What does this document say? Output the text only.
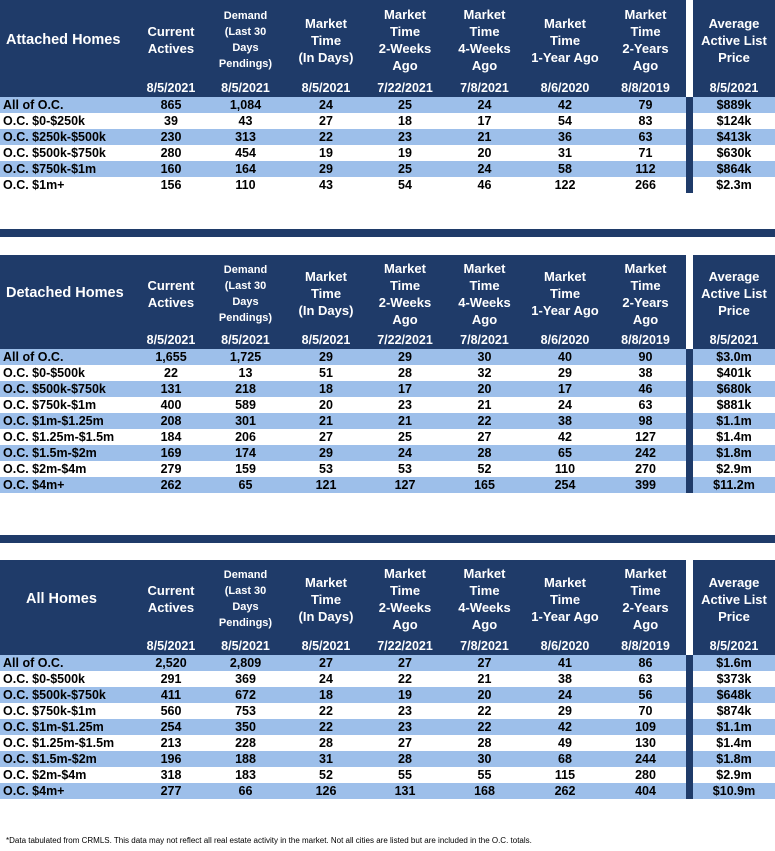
Attached Homes	Current
Actives	Demand
(Last 30
Days
Pendings)	Market
Time
(In Days)	Market
Time
2-Weeks
Ago	Market
Time
4-Weeks
Ago	Market
Time
1-Year Ago	Market
Time
2-Years
Ago		Average
Active List
Price

	8/5/2021	8/5/2021	8/5/2021	7/22/2021	7/8/2021	8/6/2020	8/8/2019		8/5/2021
All of O.C.	865	1,084	24	25	24	42	79		$889k
O.C. $0-$250k	39	43	27	18	17	54	83		$124k
O.C. $250k-$500k	230	313	22	23	21	36	63		$413k
O.C. $500k-$750k	280	454	19	19	20	31	71		$630k
O.C. $750k-$1m	160	164	29	25	24	58	112		$864k
O.C. $1m+	156	110	43	54	46	122	266		$2.3m
Detached Homes	Current
Actives	Demand
(Last 30
Days
Pendings)	Market
Time
(In Days)	Market
Time
2-Weeks
Ago	Market
Time
4-Weeks
Ago	Market
Time
1-Year Ago	Market
Time
2-Years
Ago		Average
Active List
Price

	8/5/2021	8/5/2021	8/5/2021	7/22/2021	7/8/2021	8/6/2020	8/8/2019		8/5/2021
All of O.C.	1,655	1,725	29	29	30	40	90		$3.0m
O.C. $0-$500k	22	13	51	28	32	29	38		$401k
O.C. $500k-$750k	131	218	18	17	20	17	46		$680k
O.C. $750k-$1m	400	589	20	23	21	24	63		$881k
O.C. $1m-$1.25m	208	301	21	21	22	38	98		$1.1m
O.C. $1.25m-$1.5m	184	206	27	25	27	42	127		$1.4m
O.C. $1.5m-$2m	169	174	29	24	28	65	242		$1.8m
O.C. $2m-$4m	279	159	53	53	52	110	270		$2.9m
O.C. $4m+	262	65	121	127	165	254	399		$11.2m
All Homes	Current
Actives	Demand
(Last 30
Days
Pendings)	Market
Time
(In Days)	Market
Time
2-Weeks
Ago	Market
Time
4-Weeks
Ago	Market
Time
1-Year Ago	Market
Time
2-Years
Ago		Average
Active List
Price

	8/5/2021	8/5/2021	8/5/2021	7/22/2021	7/8/2021	8/6/2020	8/8/2019		8/5/2021
All of O.C.	2,520	2,809	27	27	27	41	86		$1.6m
O.C. $0-$500k	291	369	24	22	21	38	63		$373k
O.C. $500k-$750k	411	672	18	19	20	24	56		$648k
O.C. $750k-$1m	560	753	22	23	22	29	70		$874k
O.C. $1m-$1.25m	254	350	22	23	22	42	109		$1.1m
O.C. $1.25m-$1.5m	213	228	28	27	28	49	130		$1.4m
O.C. $1.5m-$2m	196	188	31	28	30	68	244		$1.8m
O.C. $2m-$4m	318	183	52	55	55	115	280		$2.9m
O.C. $4m+	277	66	126	131	168	262	404		$10.9m
*Data tabulated from CRMLS. This data may not reflect all real estate activity in the market. Not all cities are listed but are included in the O.C. totals.
